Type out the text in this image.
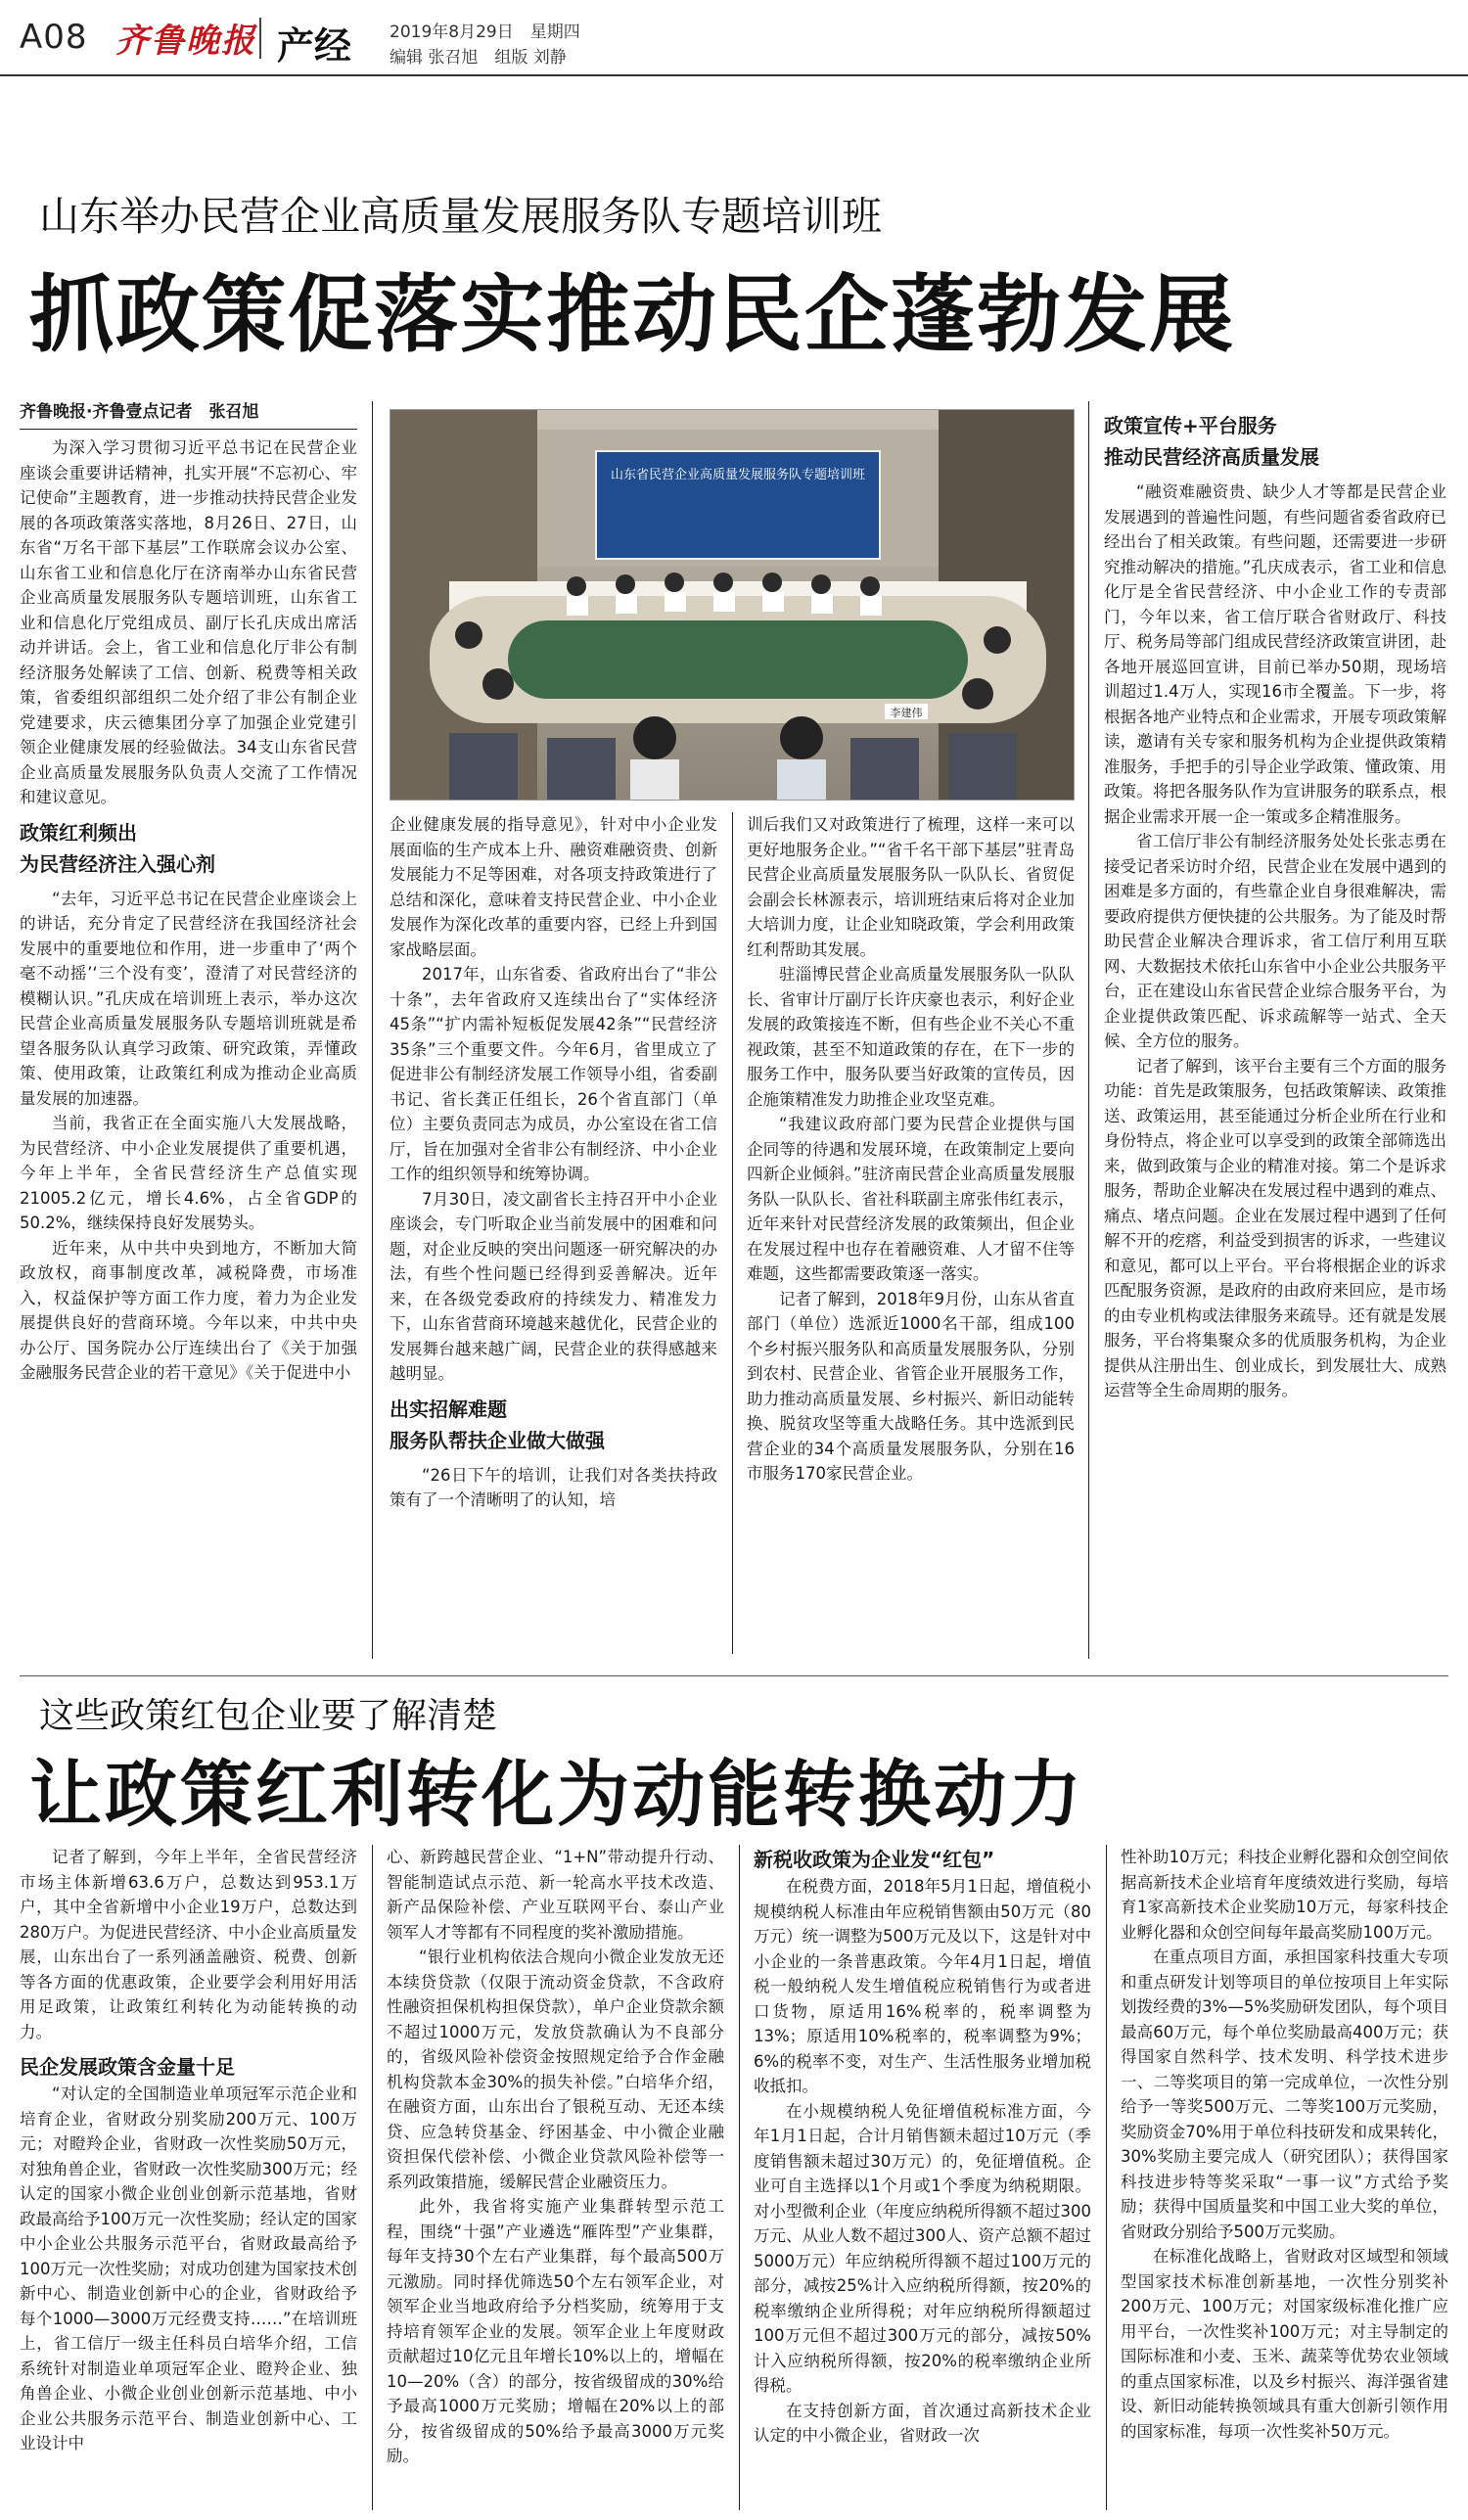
A08 齐鲁晚报 产经 2019年8月29日　星期四
编辑 张召旭　组版 刘静
山东举办民营企业高质量发展服务队专题培训班
抓政策促落实推动民企蓬勃发展
齐鲁晚报·齐鲁壹点记者　张召旭

为深入学习贯彻习近平总书记在民营企业座谈会重要讲话精神，扎实开展“不忘初心、牢记使命”主题教育，进一步推动扶持民营企业发展的各项政策落实落地，8月26日、27日，山东省“万名干部下基层”工作联席会议办公室、山东省工业和信息化厅在济南举办山东省民营企业高质量发展服务队专题培训班，山东省工业和信息化厅党组成员、副厅长孔庆成出席活动并讲话。会上，省工业和信息化厅非公有制经济服务处解读了工信、创新、税费等相关政策，省委组织部组织二处介绍了非公有制企业党建要求，庆云德集团分享了加强企业党建引领企业健康发展的经验做法。34支山东省民营企业高质量发展服务队负责人交流了工作情况和建议意见。

政策红利频出
为民营经济注入强心剂

“去年，习近平总书记在民营企业座谈会上的讲话，充分肯定了民营经济在我国经济社会发展中的重要地位和作用，进一步重申了‘两个毫不动摇’‘三个没有变’，澄清了对民营经济的模糊认识。”孔庆成在培训班上表示，举办这次民营企业高质量发展服务队专题培训班就是希望各服务队认真学习政策、研究政策，弄懂政策、使用政策，让政策红利成为推动企业高质量发展的加速器。

当前，我省正在全面实施八大发展战略，为民营经济、中小企业发展提供了重要机遇，今年上半年，全省民营经济生产总值实现21005.2亿元，增长4.6%，占全省GDP的50.2%，继续保持良好发展势头。

近年来，从中共中央到地方，不断加大简政放权，商事制度改革，减税降费，市场准入，权益保护等方面工作力度，着力为企业发展提供良好的营商环境。今年以来，中共中央办公厅、国务院办公厅连续出台了《关于加强金融服务民营企业的若干意见》《关于促进中小

山东省民营企业高质量发展服务队专题培训班
李建伟

企业健康发展的指导意见》，针对中小企业发展面临的生产成本上升、融资难融资贵、创新发展能力不足等困难，对各项支持政策进行了总结和深化，意味着支持民营企业、中小企业发展作为深化改革的重要内容，已经上升到国家战略层面。

2017年，山东省委、省政府出台了“非公十条”，去年省政府又连续出台了“实体经济45条”“扩内需补短板促发展42条”“民营经济35条”三个重要文件。今年6月，省里成立了促进非公有制经济发展工作领导小组，省委副书记、省长龚正任组长，26个省直部门（单位）主要负责同志为成员，办公室设在省工信厅，旨在加强对全省非公有制经济、中小企业工作的组织领导和统筹协调。

7月30日，凌文副省长主持召开中小企业座谈会，专门听取企业当前发展中的困难和问题，对企业反映的突出问题逐一研究解决的办法，有些个性问题已经得到妥善解决。近年来，在各级党委政府的持续发力、精准发力下，山东省营商环境越来越优化，民营企业的发展舞台越来越广阔，民营企业的获得感越来越明显。

出实招解难题
服务队帮扶企业做大做强

“26日下午的培训，让我们对各类扶持政策有了一个清晰明了的认知，培

训后我们又对政策进行了梳理，这样一来可以更好地服务企业。”“省千名干部下基层”驻青岛民营企业高质量发展服务队一队队长、省贸促会副会长林源表示，培训班结束后将对企业加大培训力度，让企业知晓政策，学会利用政策红利帮助其发展。

驻淄博民营企业高质量发展服务队一队队长、省审计厅副厅长许庆豪也表示，利好企业发展的政策接连不断，但有些企业不关心不重视政策，甚至不知道政策的存在，在下一步的服务工作中，服务队要当好政策的宣传员，因企施策精准发力助推企业攻坚克难。

“我建议政府部门要为民营企业提供与国企同等的待遇和发展环境，在政策制定上要向四新企业倾斜。”驻济南民营企业高质量发展服务队一队队长、省社科联副主席张伟红表示，近年来针对民营经济发展的政策频出，但企业在发展过程中也存在着融资难、人才留不住等难题，这些都需要政策逐一落实。

记者了解到，2018年9月份，山东从省直部门（单位）选派近1000名干部，组成100个乡村振兴服务队和高质量发展服务队，分别到农村、民营企业、省管企业开展服务工作，助力推动高质量发展、乡村振兴、新旧动能转换、脱贫攻坚等重大战略任务。其中选派到民营企业的34个高质量发展服务队，分别在16市服务170家民营企业。

政策宣传+平台服务
推动民营经济高质量发展

“融资难融资贵、缺少人才等都是民营企业发展遇到的普遍性问题，有些问题省委省政府已经出台了相关政策。有些问题，还需要进一步研究推动解决的措施。”孔庆成表示，省工业和信息化厅是全省民营经济、中小企业工作的专责部门，今年以来，省工信厅联合省财政厅、科技厅、税务局等部门组成民营经济政策宣讲团，赴各地开展巡回宣讲，目前已举办50期，现场培训超过1.4万人，实现16市全覆盖。下一步，将根据各地产业特点和企业需求，开展专项政策解读，邀请有关专家和服务机构为企业提供政策精准服务，手把手的引导企业学政策、懂政策、用政策。将把各服务队作为宣讲服务的联系点，根据企业需求开展一企一策或多企精准服务。

省工信厅非公有制经济服务处处长张志勇在接受记者采访时介绍，民营企业在发展中遇到的困难是多方面的，有些靠企业自身很难解决，需要政府提供方便快捷的公共服务。为了能及时帮助民营企业解决合理诉求，省工信厅利用互联网、大数据技术依托山东省中小企业公共服务平台，正在建设山东省民营企业综合服务平台，为企业提供政策匹配、诉求疏解等一站式、全天候、全方位的服务。

记者了解到，该平台主要有三个方面的服务功能：首先是政策服务，包括政策解读、政策推送、政策运用，甚至能通过分析企业所在行业和身份特点，将企业可以享受到的政策全部筛选出来，做到政策与企业的精准对接。第二个是诉求服务，帮助企业解决在发展过程中遇到的难点、痛点、堵点问题。企业在发展过程中遇到了任何解不开的疙瘩，利益受到损害的诉求，一些建议和意见，都可以上平台。平台将根据企业的诉求匹配服务资源，是政府的由政府来回应，是市场的由专业机构或法律服务来疏导。还有就是发展服务，平台将集聚众多的优质服务机构，为企业提供从注册出生、创业成长，到发展壮大、成熟运营等全生命周期的服务。

这些政策红包企业要了解清楚
让政策红利转化为动能转换动力

记者了解到，今年上半年，全省民营经济市场主体新增63.6万户，总数达到953.1万户，其中全省新增中小企业19万户，总数达到280万户。为促进民营经济、中小企业高质量发展，山东出台了一系列涵盖融资、税费、创新等各方面的优惠政策，企业要学会利用好用活用足政策，让政策红利转化为动能转换的动力。

民企发展政策含金量十足

“对认定的全国制造业单项冠军示范企业和培育企业，省财政分别奖励200万元、100万元；对瞪羚企业，省财政一次性奖励50万元，对独角兽企业，省财政一次性奖励300万元；经认定的国家小微企业创业创新示范基地，省财政最高给予100万元一次性奖励；经认定的国家中小企业公共服务示范平台，省财政最高给予100万元一次性奖励；对成功创建为国家技术创新中心、制造业创新中心的企业，省财政给予每个1000—3000万元经费支持……”在培训班上，省工信厅一级主任科员白培华介绍，工信系统针对制造业单项冠军企业、瞪羚企业、独角兽企业、小微企业创业创新示范基地、中小企业公共服务示范平台、制造业创新中心、工业设计中

心、新跨越民营企业、“1+N”带动提升行动、智能制造试点示范、新一轮高水平技术改造、新产品保险补偿、产业互联网平台、泰山产业领军人才等都有不同程度的奖补激励措施。

“银行业机构依法合规向小微企业发放无还本续贷贷款（仅限于流动资金贷款，不含政府性融资担保机构担保贷款），单户企业贷款余额不超过1000万元，发放贷款确认为不良部分的，省级风险补偿资金按照规定给予合作金融机构贷款本金30%的损失补偿。”白培华介绍，在融资方面，山东出台了银税互动、无还本续贷、应急转贷基金、纾困基金、中小微企业融资担保代偿补偿、小微企业贷款风险补偿等一系列政策措施，缓解民营企业融资压力。

此外，我省将实施产业集群转型示范工程，围绕“十强”产业遴选“雁阵型”产业集群，每年支持30个左右产业集群，每个最高500万元激励。同时择优筛选50个左右领军企业，对领军企业当地政府给予分档奖励，统筹用于支持培育领军企业的发展。领军企业上年度财政贡献超过10亿元且年增长10%以上的，增幅在10—20%（含）的部分，按省级留成的30%给予最高1000万元奖励；增幅在20%以上的部分，按省级留成的50%给予最高3000万元奖励。

新税收政策为企业发“红包”

在税费方面，2018年5月1日起，增值税小规模纳税人标准由年应税销售额由50万元（80万元）统一调整为500万元及以下，这是针对中小企业的一条普惠政策。今年4月1日起，增值税一般纳税人发生增值税应税销售行为或者进口货物，原适用16%税率的，税率调整为13%；原适用10%税率的，税率调整为9%；6%的税率不变，对生产、生活性服务业增加税收抵扣。

在小规模纳税人免征增值税标准方面，今年1月1日起，合计月销售额未超过10万元（季度销售额未超过30万元）的，免征增值税。企业可自主选择以1个月或1个季度为纳税期限。对小型微利企业（年度应纳税所得额不超过300万元、从业人数不超过300人、资产总额不超过5000万元）年应纳税所得额不超过100万元的部分，减按25%计入应纳税所得额，按20%的税率缴纳企业所得税；对年应纳税所得额超过100万元但不超过300万元的部分，减按50%计入应纳税所得额，按20%的税率缴纳企业所得税。

在支持创新方面，首次通过高新技术企业认定的中小微企业，省财政一次

性补助10万元；科技企业孵化器和众创空间依据高新技术企业培育年度绩效进行奖励，每培育1家高新技术企业奖励10万元，每家科技企业孵化器和众创空间每年最高奖励100万元。

在重点项目方面，承担国家科技重大专项和重点研发计划等项目的单位按项目上年实际划拨经费的3%—5%奖励研发团队，每个项目最高60万元，每个单位奖励最高400万元；获得国家自然科学、技术发明、科学技术进步一、二等奖项目的第一完成单位，一次性分别给予一等奖500万元、二等奖100万元奖励，奖励资金70%用于单位科技研发和成果转化，30%奖励主要完成人（研究团队）；获得国家科技进步特等奖采取“一事一议”方式给予奖励；获得中国质量奖和中国工业大奖的单位，省财政分别给予500万元奖励。

在标准化战略上，省财政对区域型和领域型国家技术标准创新基地，一次性分别奖补200万元、100万元；对国家级标准化推广应用平台，一次性奖补100万元；对主导制定的国际标准和小麦、玉米、蔬菜等优势农业领域的重点国家标准，以及乡村振兴、海洋强省建设、新旧动能转换领域具有重大创新引领作用的国家标准，每项一次性奖补50万元。
